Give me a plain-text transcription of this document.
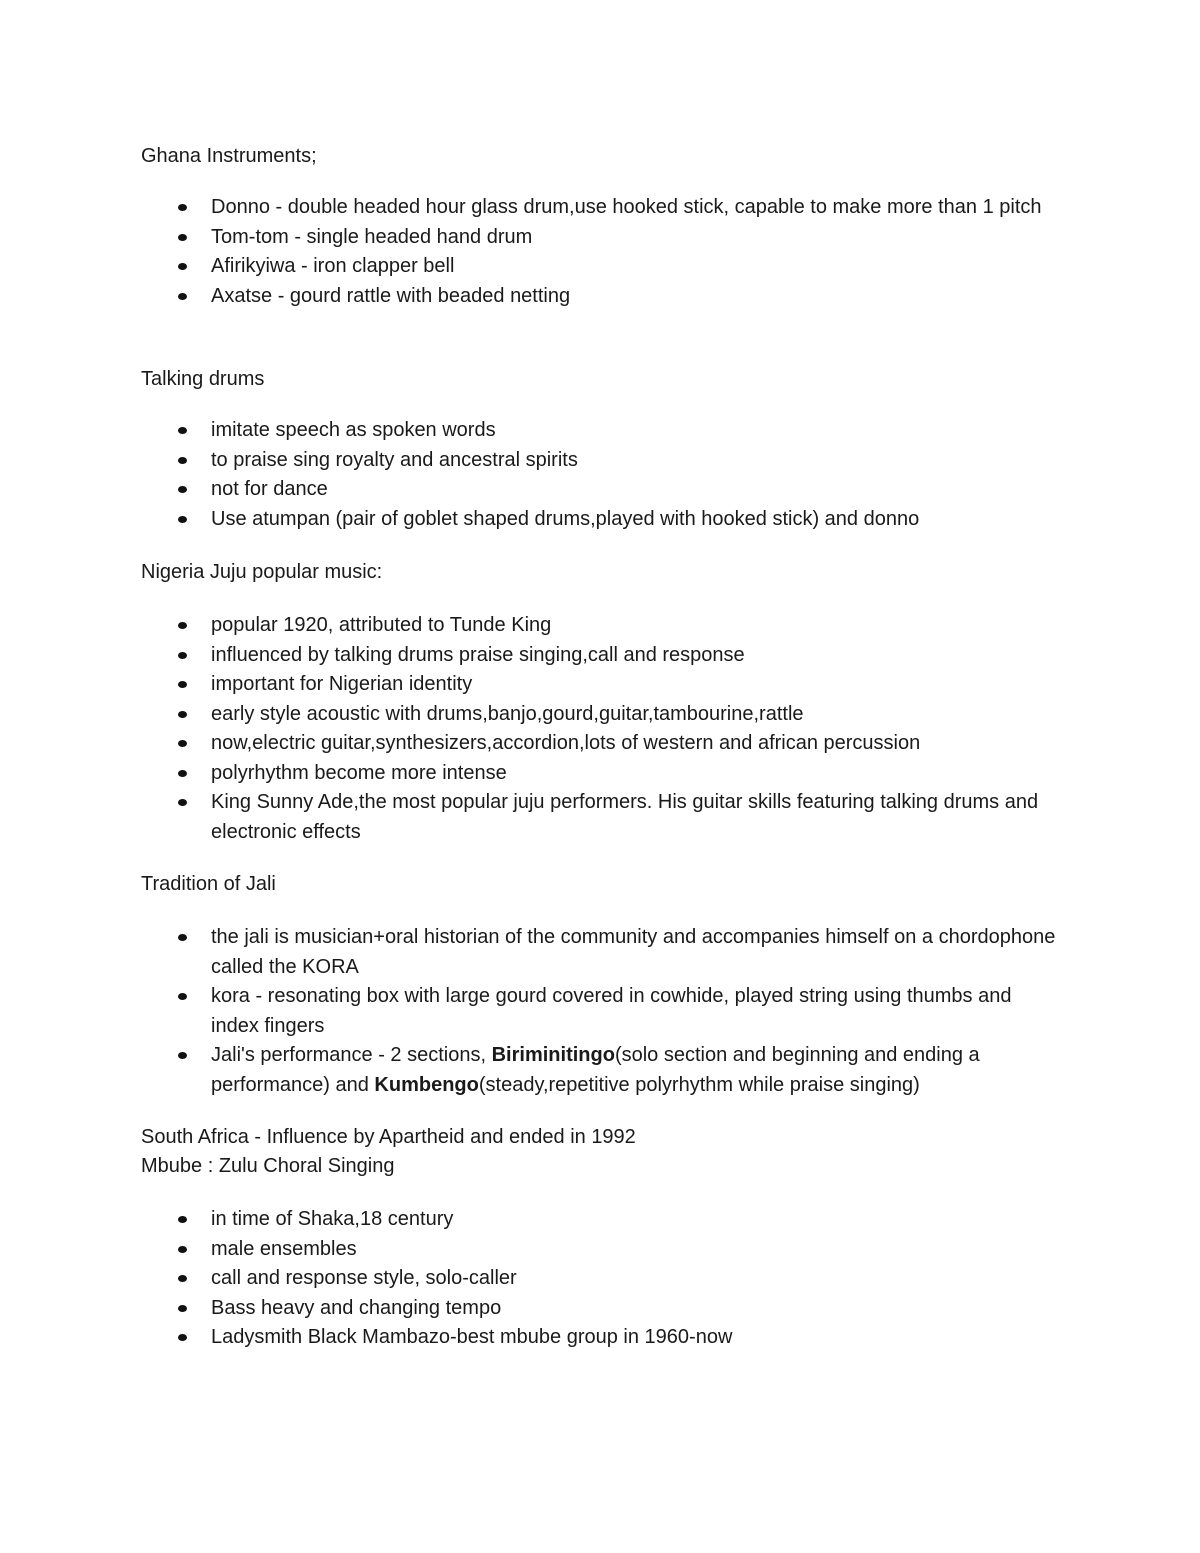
Ghana Instruments;

Donno - double headed hour glass drum,use hooked stick, capable to make more than 1 pitch
Tom-tom - single headed hand drum
Afirikyiwa - iron clapper bell
Axatse - gourd rattle with beaded netting

Talking drums

imitate speech as spoken words
to praise sing royalty and ancestral spirits
not for dance
Use atumpan (pair of goblet shaped drums,played with hooked stick) and donno

Nigeria Juju popular music:

popular 1920, attributed to Tunde King
influenced by talking drums praise singing,call and response
important for Nigerian identity
early style acoustic with drums,banjo,gourd,guitar,tambourine,rattle
now,electric guitar,synthesizers,accordion,lots of western and african percussion
polyrhythm become more intense
King Sunny Ade,the most popular juju performers. His guitar skills featuring talking drums and electronic effects

Tradition of Jali

the jali is musician+oral historian of the community and accompanies himself on a chordophone called the KORA
kora - resonating box with large gourd covered in cowhide, played string using thumbs and index fingers
Jali's performance - 2 sections, Biriminitingo(solo section and beginning and ending a performance) and Kumbengo(steady,repetitive polyrhythm while praise singing)

South Africa - Influence by Apartheid and ended in 1992

Mbube : Zulu Choral Singing

in time of Shaka,18 century
male ensembles
call and response style, solo-caller
Bass heavy and changing tempo
Ladysmith Black Mambazo-best mbube group in 1960-now
